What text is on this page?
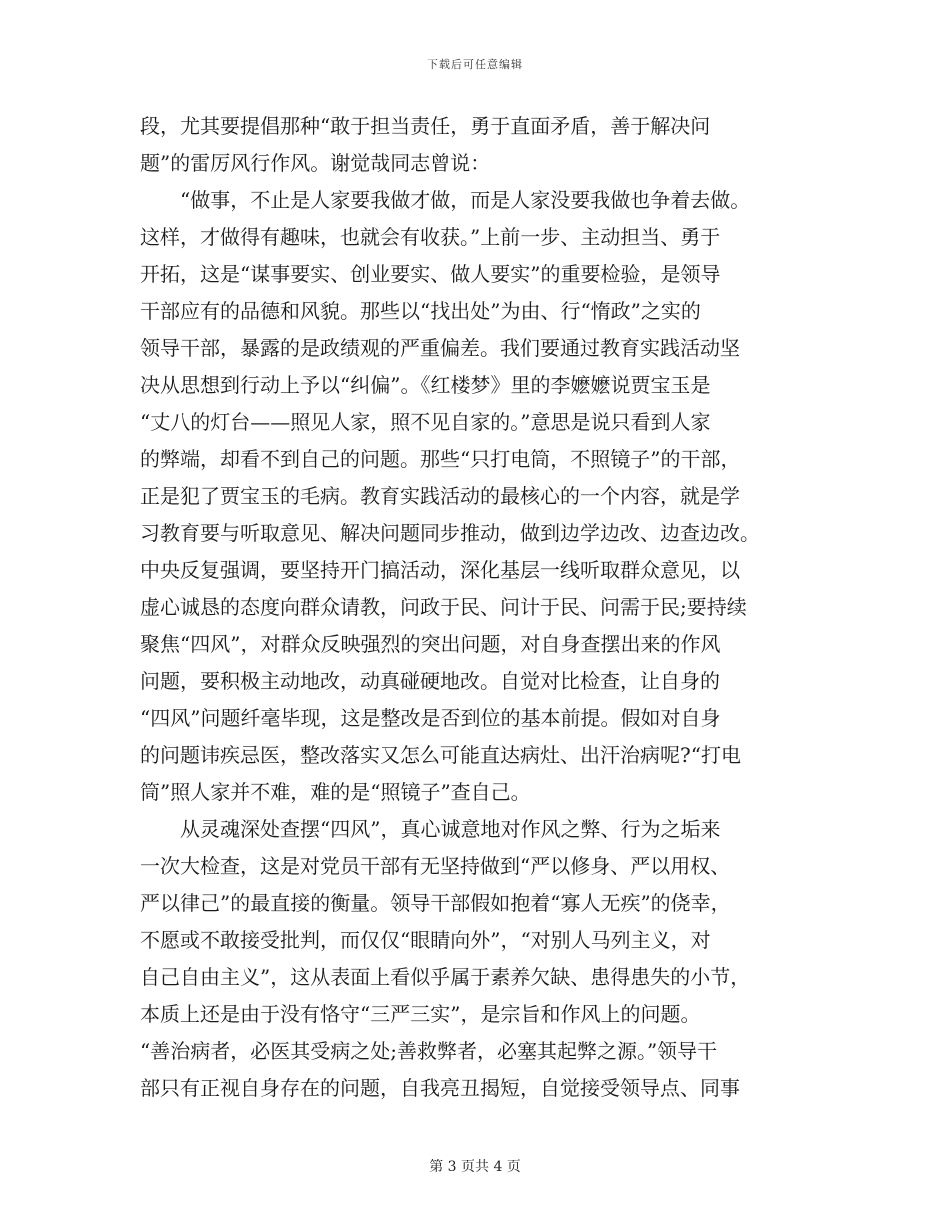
下载后可任意编辑

段，尤其要提倡那种“敢于担当责任，勇于直面矛盾，善于解决问
题”的雷厉风行作风。谢觉哉同志曾说：

“做事，不止是人家要我做才做，而是人家没要我做也争着去做。
这样，才做得有趣味，也就会有收获。”上前一步、主动担当、勇于
开拓，这是“谋事要实、创业要实、做人要实”的重要检验，是领导
干部应有的品德和风貌。那些以“找出处”为由、行“惰政”之实的
领导干部，暴露的是政绩观的严重偏差。我们要通过教育实践活动坚
决从思想到行动上予以“纠偏”。《红楼梦》里的李嬷嬷说贾宝玉是
“丈八的灯台——照见人家，照不见自家的。”意思是说只看到人家
的弊端，却看不到自己的问题。那些“只打电筒，不照镜子”的干部，
正是犯了贾宝玉的毛病。教育实践活动的最核心的一个内容，就是学
习教育要与听取意见、解决问题同步推动，做到边学边改、边查边改。
中央反复强调，要坚持开门搞活动，深化基层一线听取群众意见，以
虚心诚恳的态度向群众请教，问政于民、问计于民、问需于民;要持续
聚焦“四风”，对群众反映强烈的突出问题，对自身查摆出来的作风
问题，要积极主动地改，动真碰硬地改。自觉对比检查，让自身的
“四风”问题纤毫毕现，这是整改是否到位的基本前提。假如对自身
的问题讳疾忌医，整改落实又怎么可能直达病灶、出汗治病呢?“打电
筒”照人家并不难，难的是“照镜子”查自己。

从灵魂深处查摆“四风”，真心诚意地对作风之弊、行为之垢来
一次大检查，这是对党员干部有无坚持做到“严以修身、严以用权、
严以律己”的最直接的衡量。领导干部假如抱着“寡人无疾”的侥幸，
不愿或不敢接受批判，而仅仅“眼睛向外”，“对别人马列主义，对
自己自由主义”，这从表面上看似乎属于素养欠缺、患得患失的小节，
本质上还是由于没有恪守“三严三实”，是宗旨和作风上的问题。
“善治病者，必医其受病之处;善救弊者，必塞其起弊之源。”领导干
部只有正视自身存在的问题，自我亮丑揭短，自觉接受领导点、同事

第 3 页共 4 页
